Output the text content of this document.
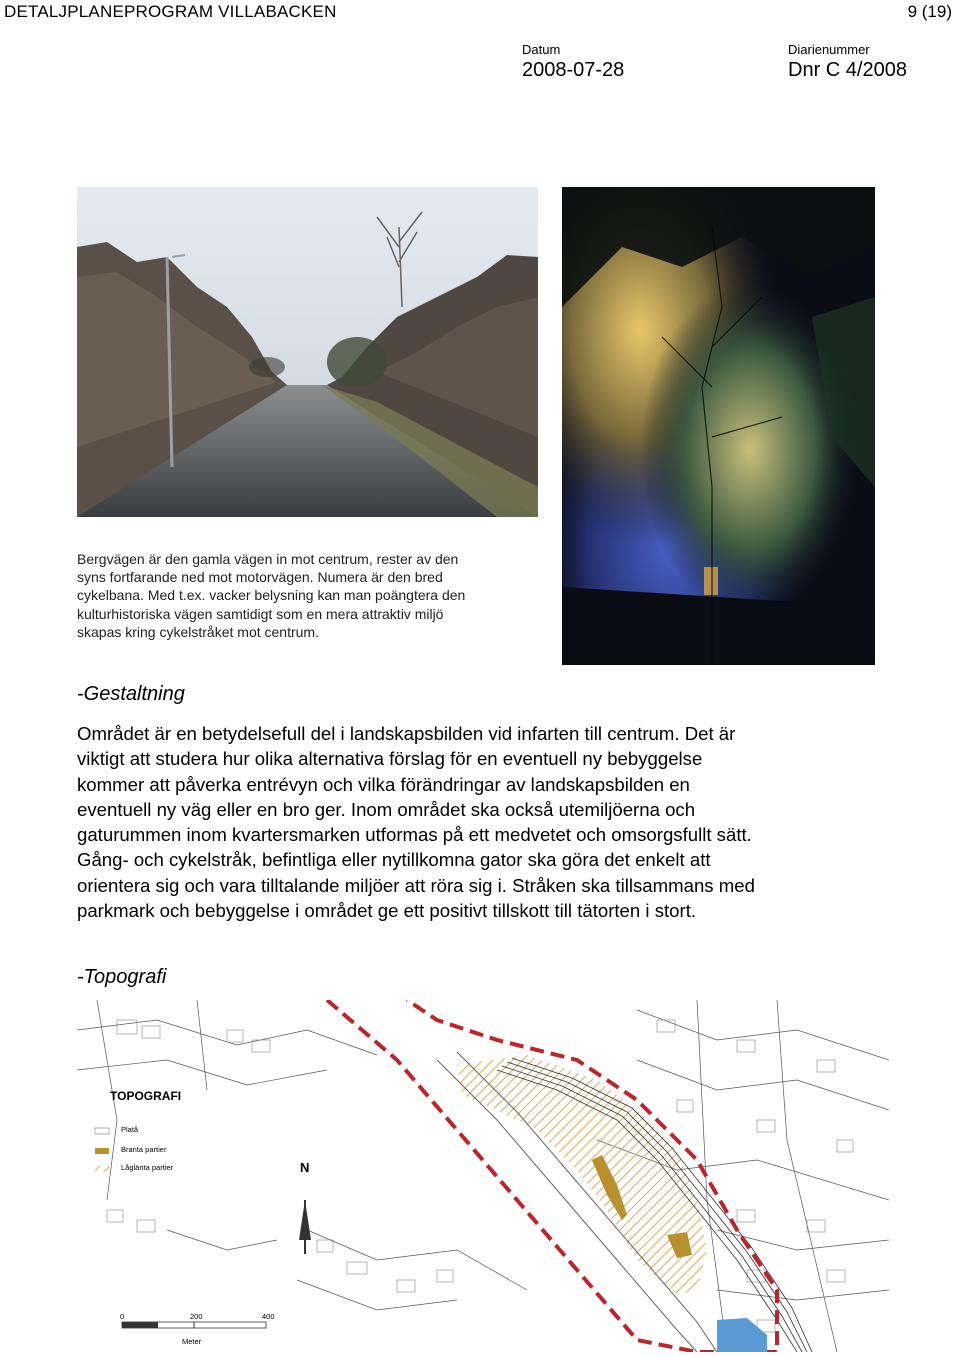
DETALJPLANEPROGRAM VILLABACKEN	9 (19)
Datum
2008-07-28
Diarienummer
Dnr C 4/2008
Bergvägen är den gamla vägen in mot centrum, rester av den
syns fortfarande ned mot motorvägen. Numera är den bred
cykelbana. Med t.ex. vacker belysning kan man poängtera den
kulturhistoriska vägen samtidigt som en mera attraktiv miljö
skapas kring cykelstråket mot centrum.
-Gestaltning
Området är en betydelsefull del i landskapsbilden vid infarten till centrum. Det är
viktigt att studera hur olika alternativa förslag för en eventuell ny bebyggelse
kommer att påverka entrévyn och vilka förändringar av landskapsbilden en
eventuell ny väg eller en bro ger. Inom området ska också utemiljöerna och
gaturummen inom kvartersmarken utformas på ett medvetet och omsorgsfullt sätt.
Gång- och cykelstråk, befintliga eller nytillkomna gator ska göra det enkelt att
orientera sig och vara tilltalande miljöer att röra sig i. Stråken ska tillsammans med
parkmark och bebyggelse i området ge ett positivt tillskott till tätorten i stort.
-Topografi
TOPOGRAFI
Platå
Branta partier
Låglänta partier	N
0	200	400
Meter
